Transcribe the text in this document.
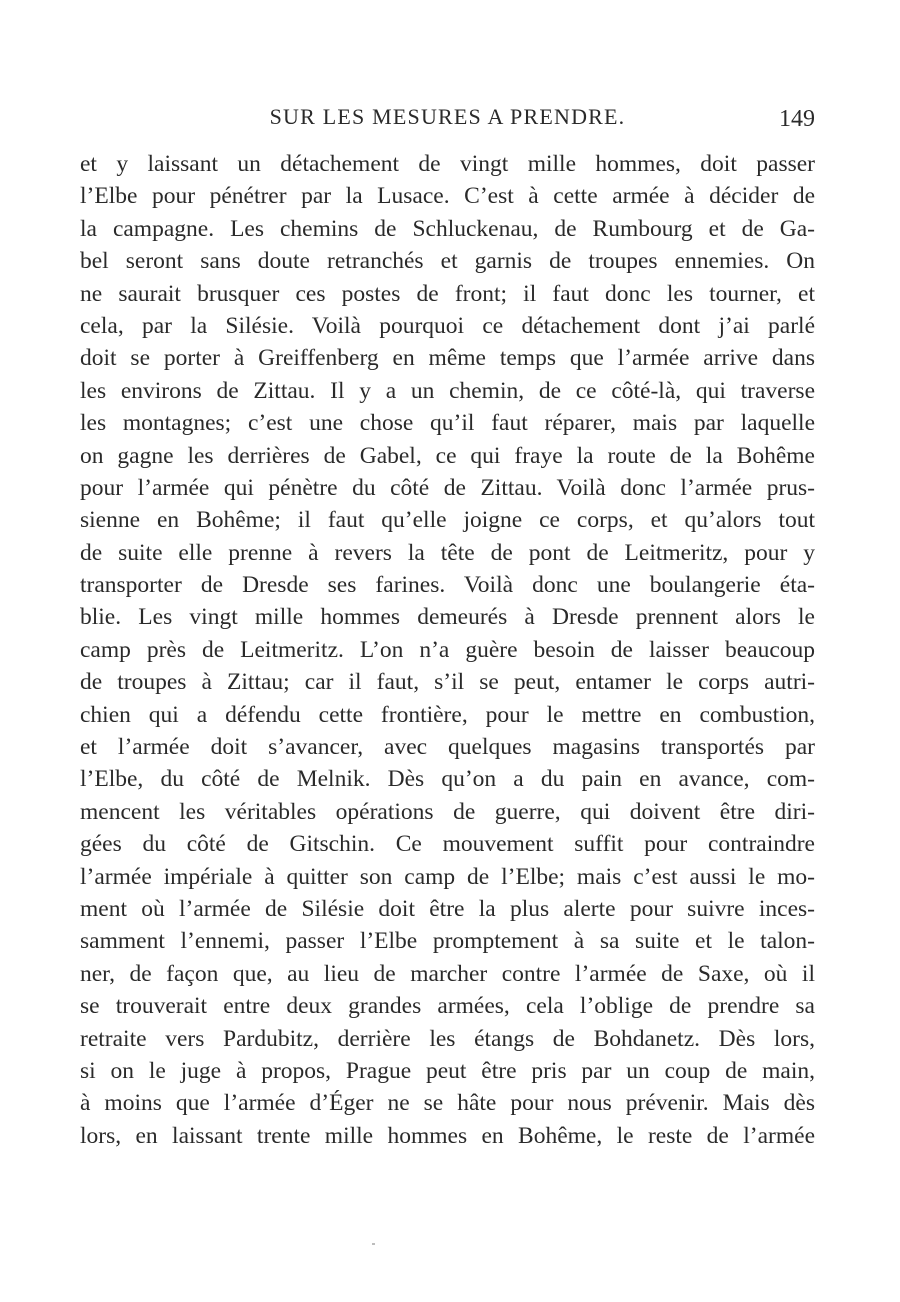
SUR LES MESURES A PRENDRE.	149
et y laissant un détachement de vingt mille hommes, doit passer
l’Elbe pour pénétrer par la Lusace. C’est à cette armée à décider de
la campagne. Les chemins de Schluckenau, de Rumbourg et de Ga-
bel seront sans doute retranchés et garnis de troupes ennemies. On
ne saurait brusquer ces postes de front; il faut donc les tourner, et
cela, par la Silésie. Voilà pourquoi ce détachement dont j’ai parlé
doit se porter à Greiffenberg en même temps que l’armée arrive dans
les environs de Zittau. Il y a un chemin, de ce côté-là, qui traverse
les montagnes; c’est une chose qu’il faut réparer, mais par laquelle
on gagne les derrières de Gabel, ce qui fraye la route de la Bohême
pour l’armée qui pénètre du côté de Zittau. Voilà donc l’armée prus-
sienne en Bohême; il faut qu’elle joigne ce corps, et qu’alors tout
de suite elle prenne à revers la tête de pont de Leitmeritz, pour y
transporter de Dresde ses farines. Voilà donc une boulangerie éta-
blie. Les vingt mille hommes demeurés à Dresde prennent alors le
camp près de Leitmeritz. L’on n’a guère besoin de laisser beaucoup
de troupes à Zittau; car il faut, s’il se peut, entamer le corps autri-
chien qui a défendu cette frontière, pour le mettre en combustion,
et l’armée doit s’avancer, avec quelques magasins transportés par
l’Elbe, du côté de Melnik. Dès qu’on a du pain en avance, com-
mencent les véritables opérations de guerre, qui doivent être diri-
gées du côté de Gitschin. Ce mouvement suffit pour contraindre
l’armée impériale à quitter son camp de l’Elbe; mais c’est aussi le mo-
ment où l’armée de Silésie doit être la plus alerte pour suivre inces-
samment l’ennemi, passer l’Elbe promptement à sa suite et le talon-
ner, de façon que, au lieu de marcher contre l’armée de Saxe, où il
se trouverait entre deux grandes armées, cela l’oblige de prendre sa
retraite vers Pardubitz, derrière les étangs de Bohdanetz. Dès lors,
si on le juge à propos, Prague peut être pris par un coup de main,
à moins que l’armée d’Éger ne se hâte pour nous prévenir. Mais dès
lors, en laissant trente mille hommes en Bohême, le reste de l’armée
